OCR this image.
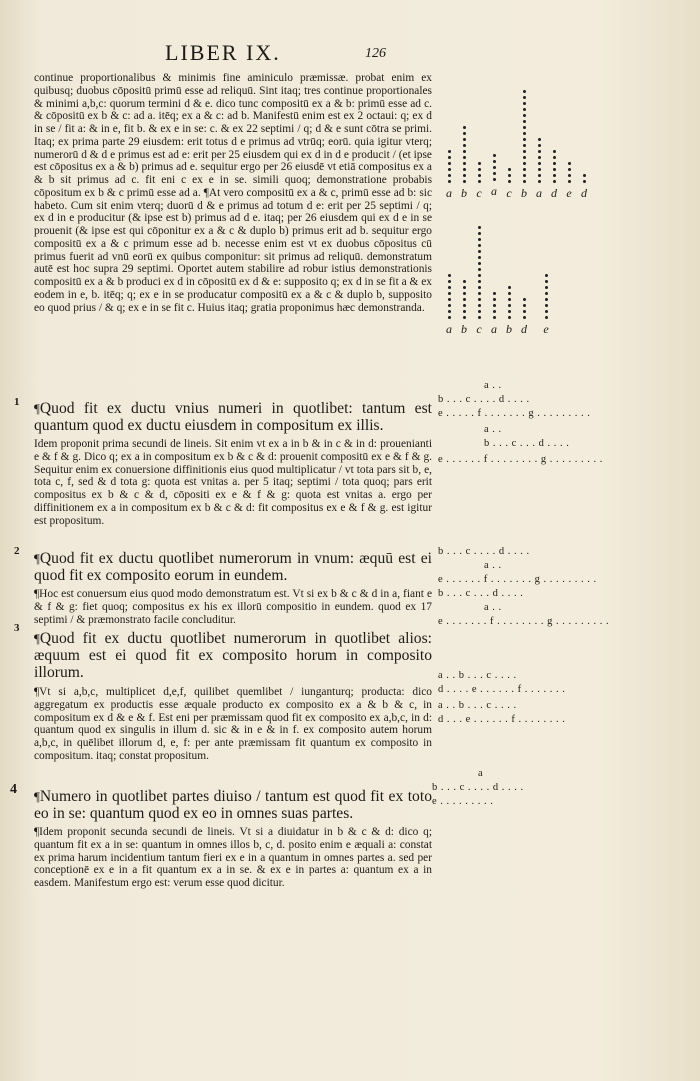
LIBER IX.	126

continue proportionalibus & minimis fine aminiculo præmissæ. probat enim ex quibusq; duobus cōpositū primū esse ad reliquū. Sint itaq; tres continue proportionales & minimi a,b,c: quorum termini d & e. dico tunc compositū ex a & b: primū esse ad c. & cōpositū ex b & c: ad a. itēq; ex a & c: ad b. Manifestū enim est ex 2 octaui: q; ex d in se / fit a: & in e, fit b. & ex e in se: c. & ex 22 septimi / q; d & e sunt cōtra se primi. Itaq; ex prima parte 29 eiusdem: erit totus d e primus ad vtrūq; eorū. quia igitur vterq; numerorū d & d e primus est ad e: erit per 25 eiusdem qui ex d in d e producit / (et ipse est cōpositus ex a & b) primus ad e. sequitur ergo per 26 eiusdē vt etiā compositus ex a & b sit primus ad c. fit eni c ex e in se. simili quoq; demonstratione probabis cōpositum ex b & c primū esse ad a. ¶At vero compositū ex a & c, primū esse ad b: sic habeto. Cum sit enim vterq; duorū d & e primus ad totum d e: erit per 25 septimi / q; ex d in e producitur (& ipse est b) primus ad d e. itaq; per 26 eiusdem qui ex d e in se prouenit (& ipse est qui cōponitur ex a & c & duplo b) primus erit ad b. sequitur ergo compositū ex a & c primum esse ad b. necesse enim est vt ex duobus cōpositus cū primus fuerit ad vnū eorū ex quibus componitur: sit primus ad reliquū. demonstratum autē est hoc supra 29 septimi. Oportet autem stabilire ad robur istius demonstrationis compositū ex a & b produci ex d in cōpositū ex d & e: supposito q; ex d in se fit a & ex eodem in e, b. itēq; q; ex e in se producatur compositū ex a & c & duplo b, supposito eo quod prius / & q; ex e in se fit c. Huius itaq; gratia proponimus hæc demonstranda.

1 ¶Quod fit ex ductu vnius numeri in quotlibet: tantum est quantum quod ex ductu eiusdem in compositum ex illis.

Idem proponit prima secundi de lineis. Sit enim vt ex a in b & in c & in d: prouenianti e & f & g. Dico q; ex a in compositum ex b & c & d: prouenit compositū ex e & f & g. Sequitur enim ex conuersione diffinitionis eius quod multiplicatur / vt tota pars sit b, e, tota c, f, sed & d tota g: quota est vnitas a. per 5 itaq; septimi / tota quoq; pars erit compositus ex b & c & d, cōpositi ex e & f & g: quota est vnitas a. ergo per diffinitionem ex a in compositum ex b & c & d: fit compositus ex e & f & g. est igitur est propositum.

2 ¶Quod fit ex ductu quotlibet numerorum in vnum: æquū est ei quod fit ex composito eorum in eundem.

¶Hoc est conuersum eius quod modo demonstratum est. Vt si ex b & c & d in a, fiant e & f & g: fiet quoq; compositus ex his ex illorū compositio in eundem. quod ex 17 septimi / & præmonstrato facile concluditur.

3

¶Quod fit ex ductu quotlibet numerorum in quotlibet alios: æquum est ei quod fit ex composito horum in composito illorum.

¶Vt si a,b,c, multiplicet d,e,f, quilibet quemlibet / iunganturq; producta: dico aggregatum ex productis esse æquale producto ex composito ex a & b & c, in compositum ex d & e & f. Est eni per præmissam quod fit ex composito ex a,b,c, in d: quantum quod ex singulis in illum d. sic & in e & in f. ex composito autem horum a,b,c, in quēlibet illorum d, e, f: per ante præmissam fit quantum ex composito in compositum. itaq; constat propositum.

4 ¶Numero in quotlibet partes diuiso / tantum est quod fit ex toto eo in se: quantum quod ex eo in omnes suas partes.

¶Idem proponit secunda secundi de lineis. Vt si a diuidatur in b & c & d: dico q; quantum fit ex a in se: quantum in omnes illos b, c, d. posito enim e æquali a: constat ex prima harum incidentium tantum fieri ex e in a quantum in omnes partes a. sed per conceptionē ex e in a fit quantum ex a in se. & ex e in partes a: quantum ex a in easdem. Manifestum ergo est: verum esse quod dicitur.

a b c a c b a d e d
a b c a b d e
a . .
b . . . c . . . . d . . . .
e . . . . . f . . . . . . . g . . . . . . . . .
a . .
b . . . c . . . d . . . .
e . . . . . . f . . . . . . . . g . . . . . . . . .
b . . . c . . . . d . . . .
a . .
e . . . . . . f . . . . . . . g . . . . . . . . .
b . . . c . . . d . . . .
a . .
e . . . . . . . f . . . . . . . . g . . . . . . . . .
a . . b . . . c . . . .
d . . . . e . . . . . . f . . . . . . .
a . . b . . . c . . . .
d . . . e . . . . . . f . . . . . . . .
a
b . . . c . . . . d . . . .
e . . . . . . . . .
